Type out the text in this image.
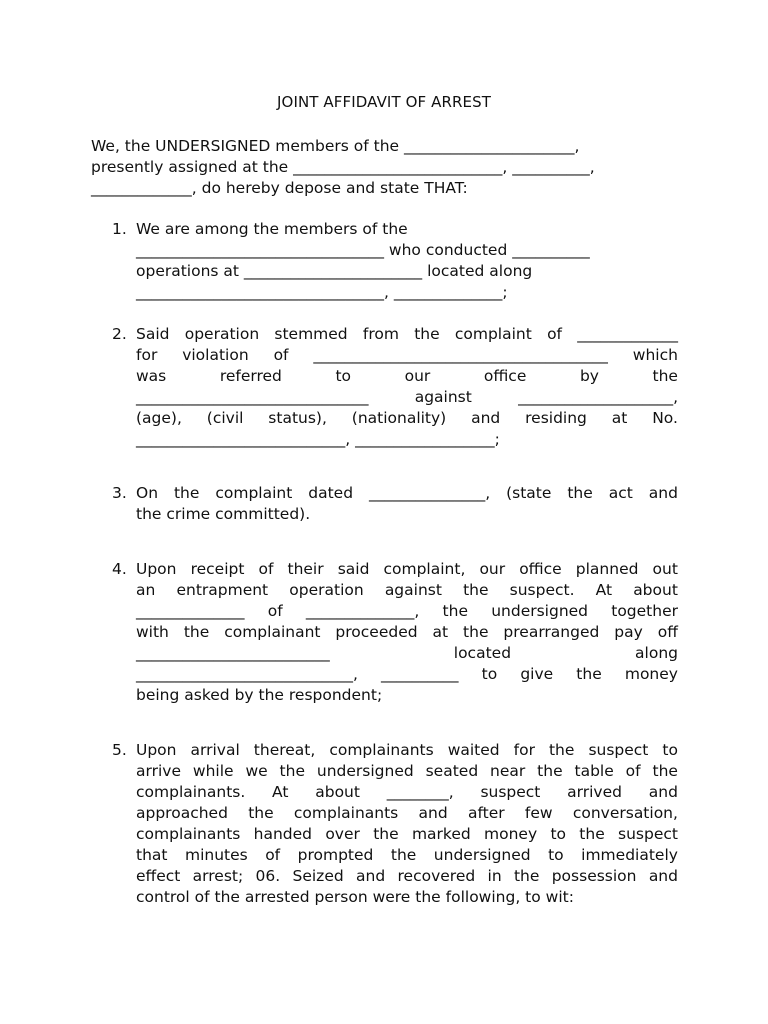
JOINT AFFIDAVIT OF ARREST
We, the UNDERSIGNED members of the ______________________,
presently assigned at the ___________________________, __________,
_____________, do hereby depose and state THAT:
1. We are among the members of the
________________________________ who conducted __________
operations at _______________________ located along
________________________________, ______________;
2. Said operation stemmed from the complaint of _____________
for violation of ______________________________________ which
was	referred	to	our	office	by	the
______________________________	against	____________________,
(age), (civil status), (nationality) and residing at No.
___________________________, __________________;
3. On the complaint dated _______________, (state the act and
the crime committed).
4. Upon receipt of their said complaint, our office planned out
an entrapment operation against the suspect. At about
______________ of ______________, the undersigned together
with the complainant proceeded at the prearranged pay off
_________________________	located	along
____________________________, __________ to give the money
being asked by the respondent;
5. Upon arrival thereat, complainants waited for the suspect to
arrive while we the undersigned seated near the table of the
complainants. At about ________, suspect arrived and
approached the complainants and after few conversation,
complainants handed over the marked money to the suspect
that minutes of prompted the undersigned to immediately
effect arrest; 06. Seized and recovered in the possession and
control of the arrested person were the following, to wit:
